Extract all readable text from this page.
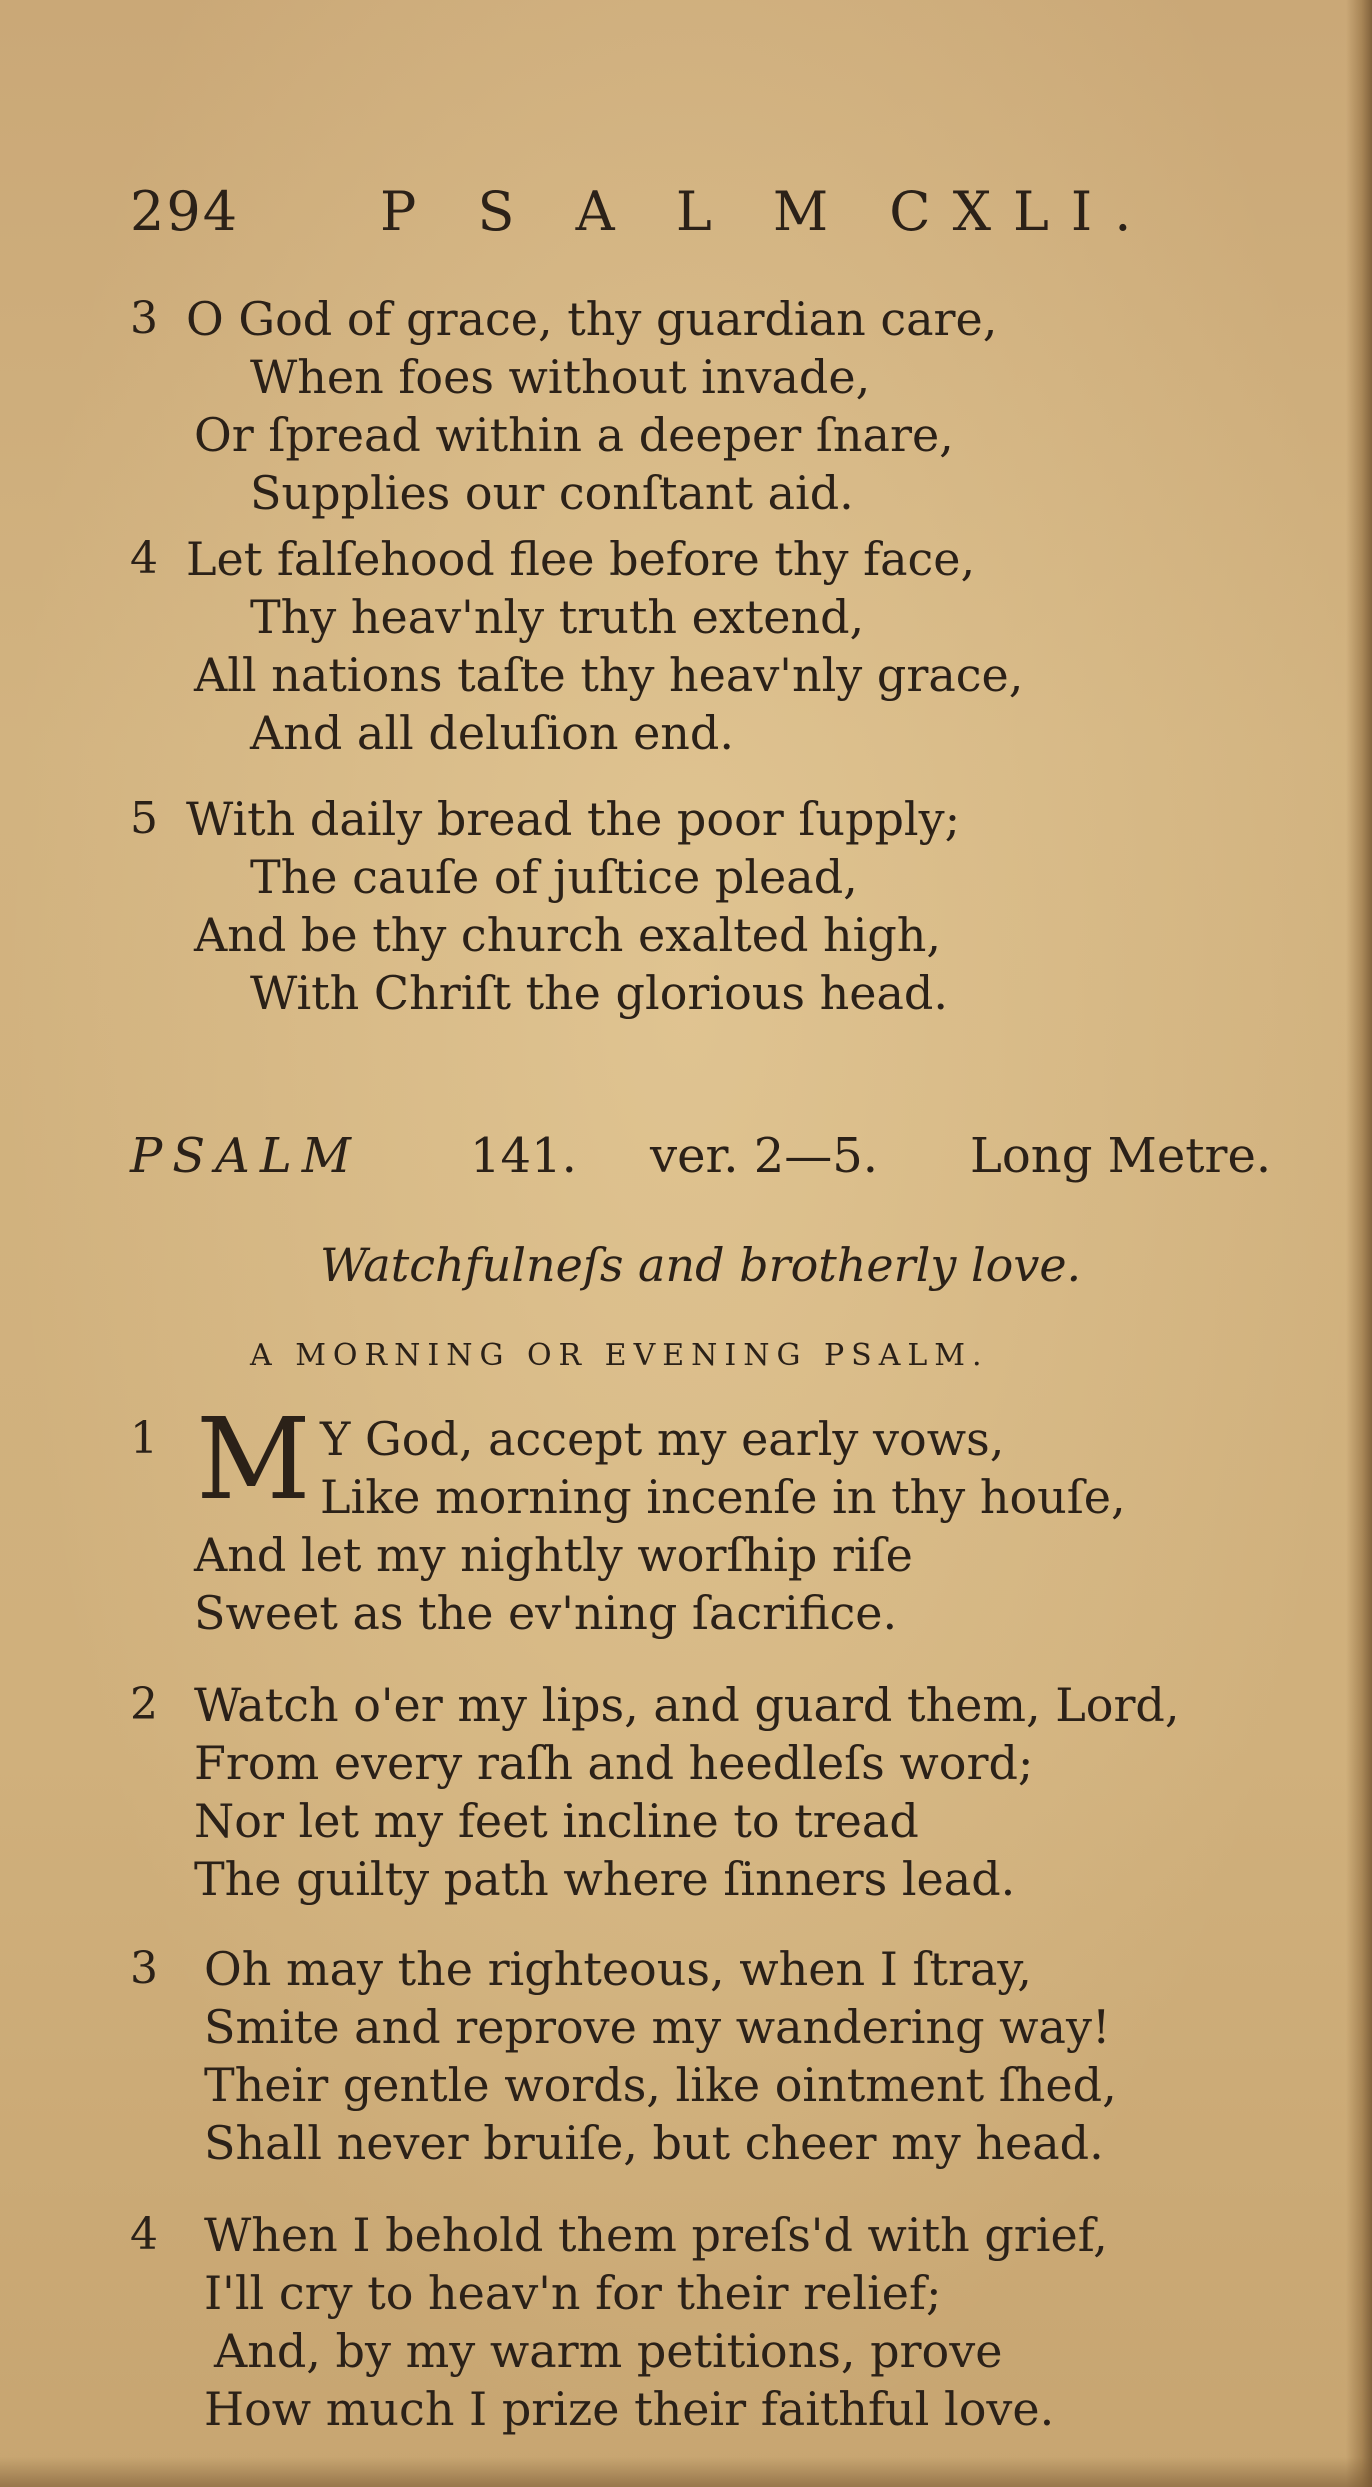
294	P S A L M CXLI.
3 O God of grace, thy guardian care,
When foes without invade,
Or ſpread within a deeper ſnare,
Supplies our conſtant aid.
4 Let falſehood flee before thy face,
Thy heav'nly truth extend,
All nations taſte thy heav'nly grace,
And all deluſion end.
5 With daily bread the poor ſupply;
The cauſe of juſtice plead,
And be thy church exalted high,
With Chriſt the glorious head.
PSALM 141. ver. 2—5. Long Metre.
Watchfulneſs and brotherly love.
A MORNING OR EVENING PSALM.
1 M Y God, accept my early vows,
Like morning incenſe in thy houſe,
And let my nightly worſhip riſe
Sweet as the ev'ning ſacrifice.
2 Watch o'er my lips, and guard them, Lord,
From every raſh and heedleſs word;
Nor let my feet incline to tread
The guilty path where ſinners lead.
3 Oh may the righteous, when I ſtray,
Smite and reprove my wandering way!
Their gentle words, like ointment ſhed,
Shall never bruiſe, but cheer my head.
4 When I behold them preſs'd with grief,
I'll cry to heav'n for their relief;
And, by my warm petitions, prove
How much I prize their faithful love.
